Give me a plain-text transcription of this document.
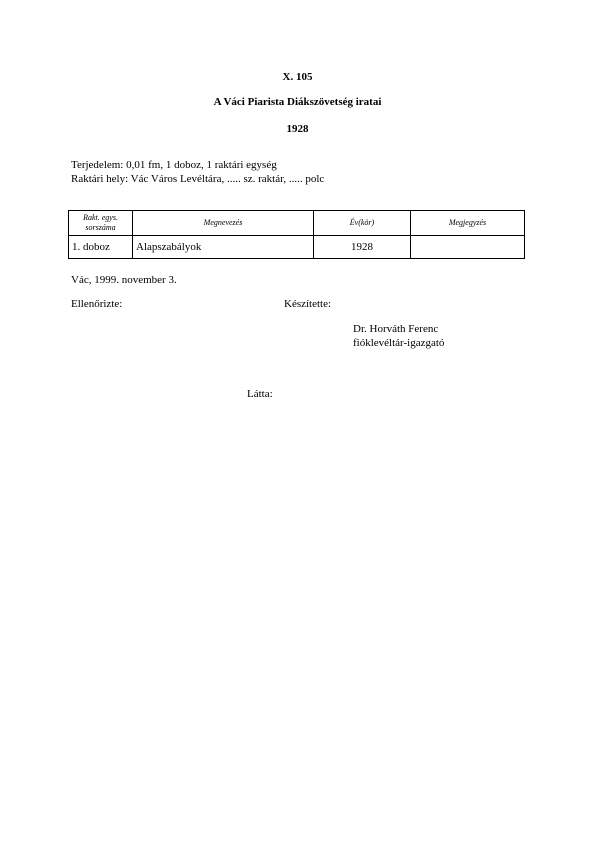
X. 105
A Váci Piarista Diákszövetség iratai
1928
Terjedelem: 0,01 fm, 1 doboz, 1 raktári egység
Raktári hely: Vác Város Levéltára, ..... sz. raktár, ..... polc
Rakt. egys.
sorszáma	Megnevezés	Év(kör)	Megjegyzés
1. doboz	Alapszabályok	1928	
Vác, 1999. november 3.
Ellenőrizte:	Készítette:
Dr. Horváth Ferenc
fióklevéltár-igazgató
Látta:
